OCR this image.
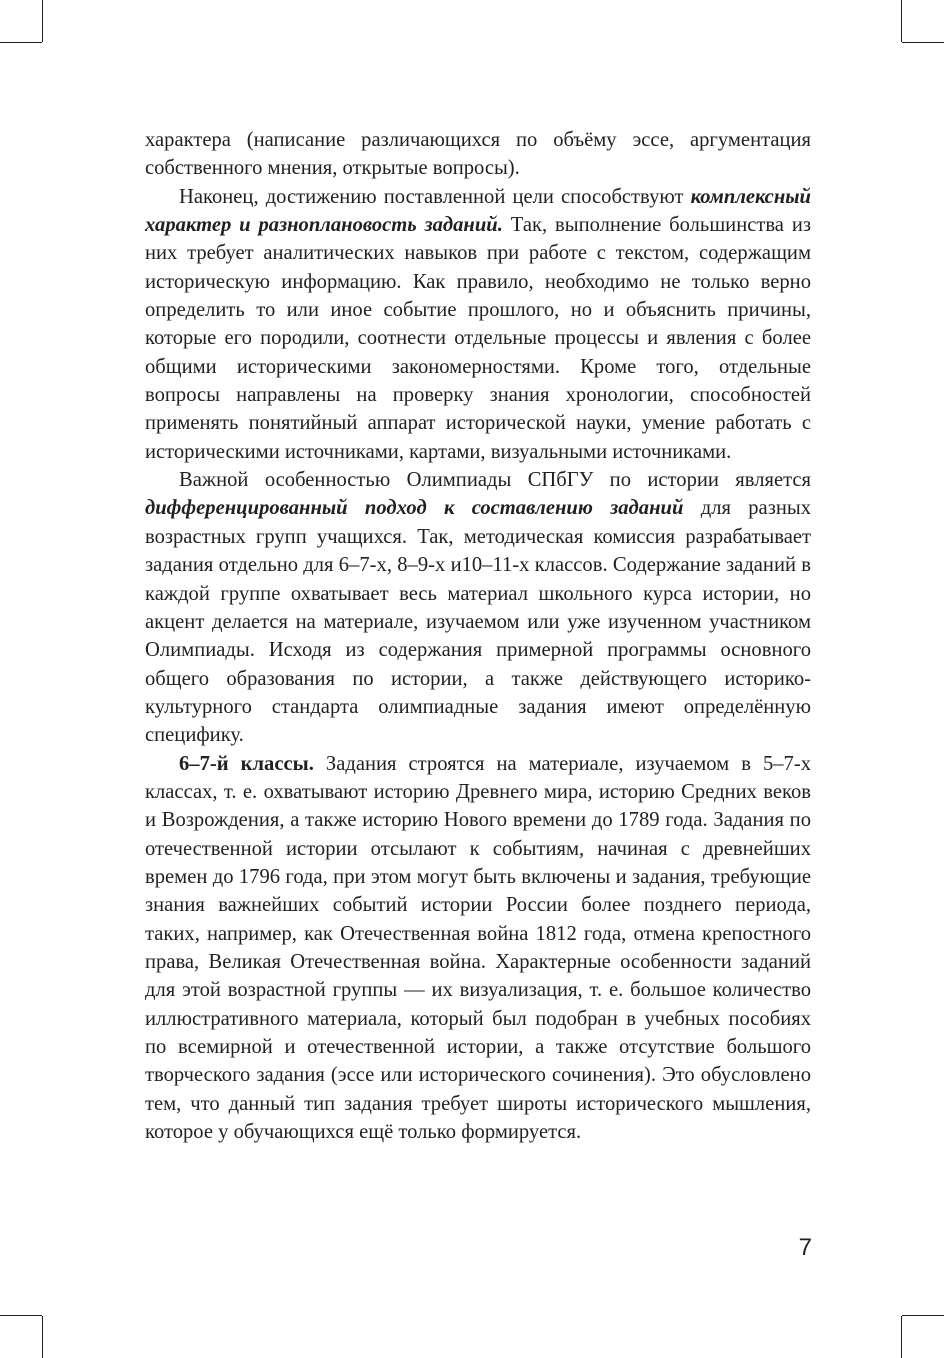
характера (написание различающихся по объёму эссе, аргументация собственного мнения, открытые вопросы).

Наконец, достижению поставленной цели способствуют комплексный характер и разноплановость заданий. Так, выполнение большинства из них требует аналитических навыков при работе с текстом, содержащим историческую информацию. Как правило, необходимо не только верно определить то или иное событие прошлого, но и объяснить причины, которые его породили, соотнести отдельные процессы и явления с более общими историческими закономерностями. Кроме того, отдельные вопросы направлены на проверку знания хронологии, способностей применять понятийный аппарат исторической науки, умение работать с историческими источниками, картами, визуальными источниками.

Важной особенностью Олимпиады СПбГУ по истории является дифференцированный подход к составлению заданий для разных возрастных групп учащихся. Так, методическая комиссия разрабатывает задания отдельно для 6–7-х, 8–9-х и10–11-х классов. Содержание заданий в каждой группе охватывает весь материал школьного курса истории, но акцент делается на материале, изучаемом или уже изученном участником Олимпиады. Исходя из содержания примерной программы основного общего образования по истории, а также действующего историко-культурного стандарта олимпиадные задания имеют определённую специфику.

6–7-й классы. Задания строятся на материале, изучаемом в 5–7-х классах, т. е. охватывают историю Древнего мира, историю Средних веков и Возрождения, а также историю Нового времени до 1789 года. Задания по отечественной истории отсылают к событиям, начиная с древнейших времен до 1796 года, при этом могут быть включены и задания, требующие знания важнейших событий истории России более позднего периода, таких, например, как Отечественная война 1812 года, отмена крепостного права, Великая Отечественная война. Характерные особенности заданий для этой возрастной группы — их визуализация, т. е. большое количество иллюстративного материала, который был подобран в учебных пособиях по всемирной и отечественной истории, а также отсутствие большого творческого задания (эссе или исторического сочинения). Это обусловлено тем, что данный тип задания требует широты исторического мышления, которое у обучающихся ещё только формируется.

7
